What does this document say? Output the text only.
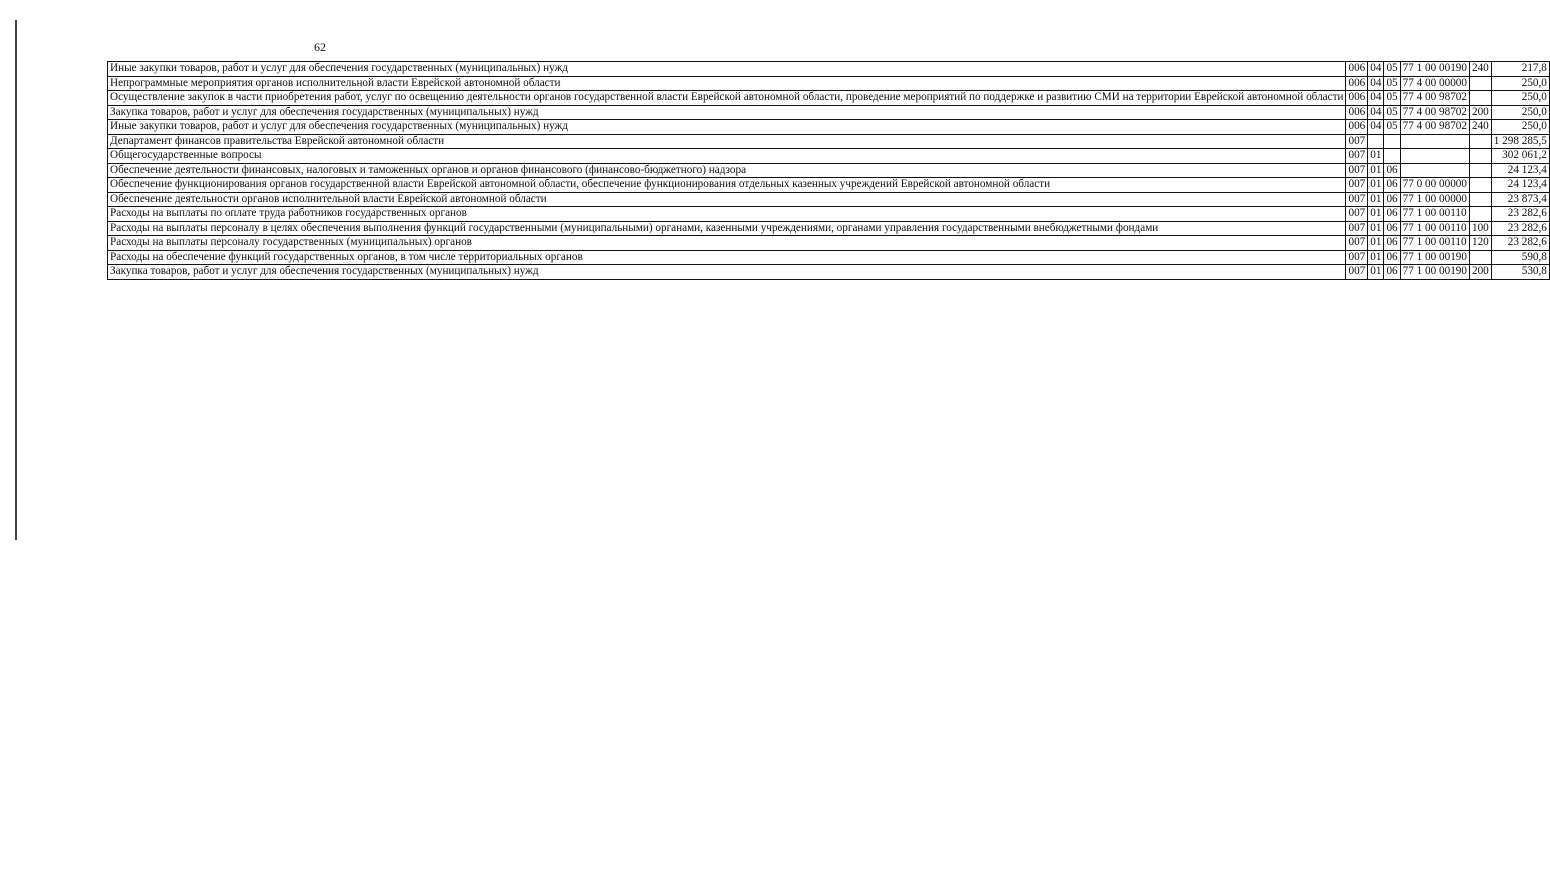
62
Иные закупки товаров, работ и услуг для обеспечения государственных (муниципальных) нужд	006	04	05	77 1 00 00190	240	217,8
Непрограммные мероприятия органов исполнительной власти Еврейской автономной области	006	04	05	77 4 00 00000		250,0
Осуществление закупок в части приобретения работ, услуг по освещению деятельности органов государственной власти Еврейской автономной области, проведение мероприятий по поддержке и развитию СМИ на территории Еврейской автономной области	006	04	05	77 4 00 98702		250,0
Закупка товаров, работ и услуг для обеспечения государственных (муниципальных) нужд	006	04	05	77 4 00 98702	200	250,0
Иные закупки товаров, работ и услуг для обеспечения государственных (муниципальных) нужд	006	04	05	77 4 00 98702	240	250,0
Департамент финансов правительства Еврейской автономной области	007					1 298 285,5
Общегосударственные вопросы	007	01				302 061,2
Обеспечение деятельности финансовых, налоговых и таможенных органов и органов финансового (финансово-бюджетного) надзора	007	01	06			24 123,4
Обеспечение функционирования органов государственной власти Еврейской автономной области, обеспечение функционирования отдельных казенных учреждений Еврейской автономной области	007	01	06	77 0 00 00000		24 123,4
Обеспечение деятельности органов исполнительной власти Еврейской автономной области	007	01	06	77 1 00 00000		23 873,4
Расходы на выплаты по оплате труда работников государственных органов	007	01	06	77 1 00 00110		23 282,6
Расходы на выплаты персоналу в целях обеспечения выполнения функций государственными (муниципальными) органами, казенными учреждениями, органами управления государственными внебюджетными фондами	007	01	06	77 1 00 00110	100	23 282,6
Расходы на выплаты персоналу государственных (муниципальных) органов	007	01	06	77 1 00 00110	120	23 282,6
Расходы на обеспечение функций государственных органов, в том числе территориальных органов	007	01	06	77 1 00 00190		590,8
Закупка товаров, работ и услуг для обеспечения государственных (муниципальных) нужд	007	01	06	77 1 00 00190	200	530,8
